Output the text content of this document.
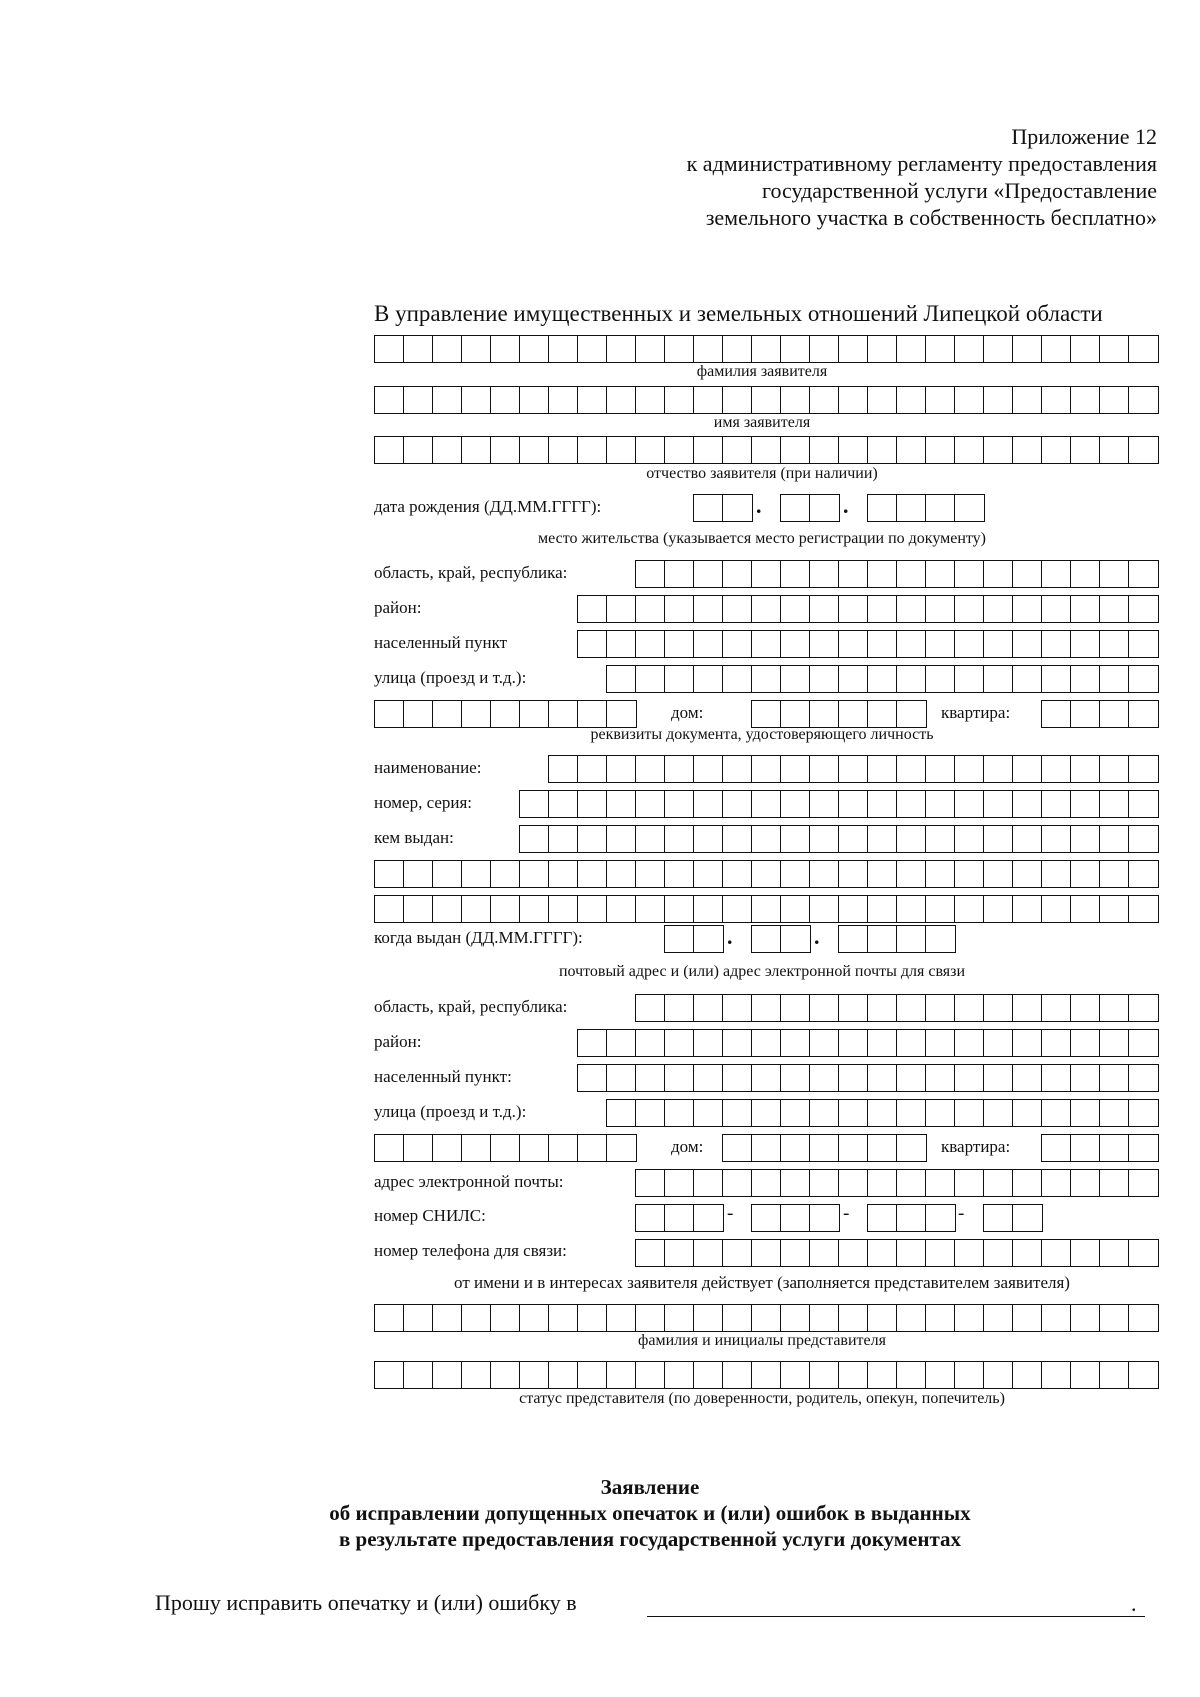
Приложение 12
к административному регламенту предоставления
государственной услуги «Предоставление
земельного участка в собственность бесплатно»
В управление имущественных и земельных отношений Липецкой области
фамилия заявителя
имя заявителя
отчество заявителя (при наличии)
дата рождения (ДД.ММ.ГГГГ):	.	.
место жительства (указывается место регистрации по документу)
область, край, республика:
район:
населенный пункт
улица (проезд и т.д.):
дом:	квартира:
реквизиты документа, удостоверяющего личность
наименование:
номер, серия:
кем выдан:
когда выдан (ДД.ММ.ГГГГ):	.	.
почтовый адрес и (или) адрес электронной почты для связи
область, край, республика:
район:
населенный пункт:
улица (проезд и т.д.):
дом:	квартира:
адрес электронной почты:
номер СНИЛС:	-	-	-
номер телефона для связи:
от имени и в интересах заявителя действует (заполняется представителем заявителя)
фамилия и инициалы представителя
статус представителя (по доверенности, родитель, опекун, попечитель)
Заявление
об исправлении допущенных опечаток и (или) ошибок в выданных
в результате предоставления государственной услуги документах
Прошу исправить опечатку и (или) ошибку в	.
